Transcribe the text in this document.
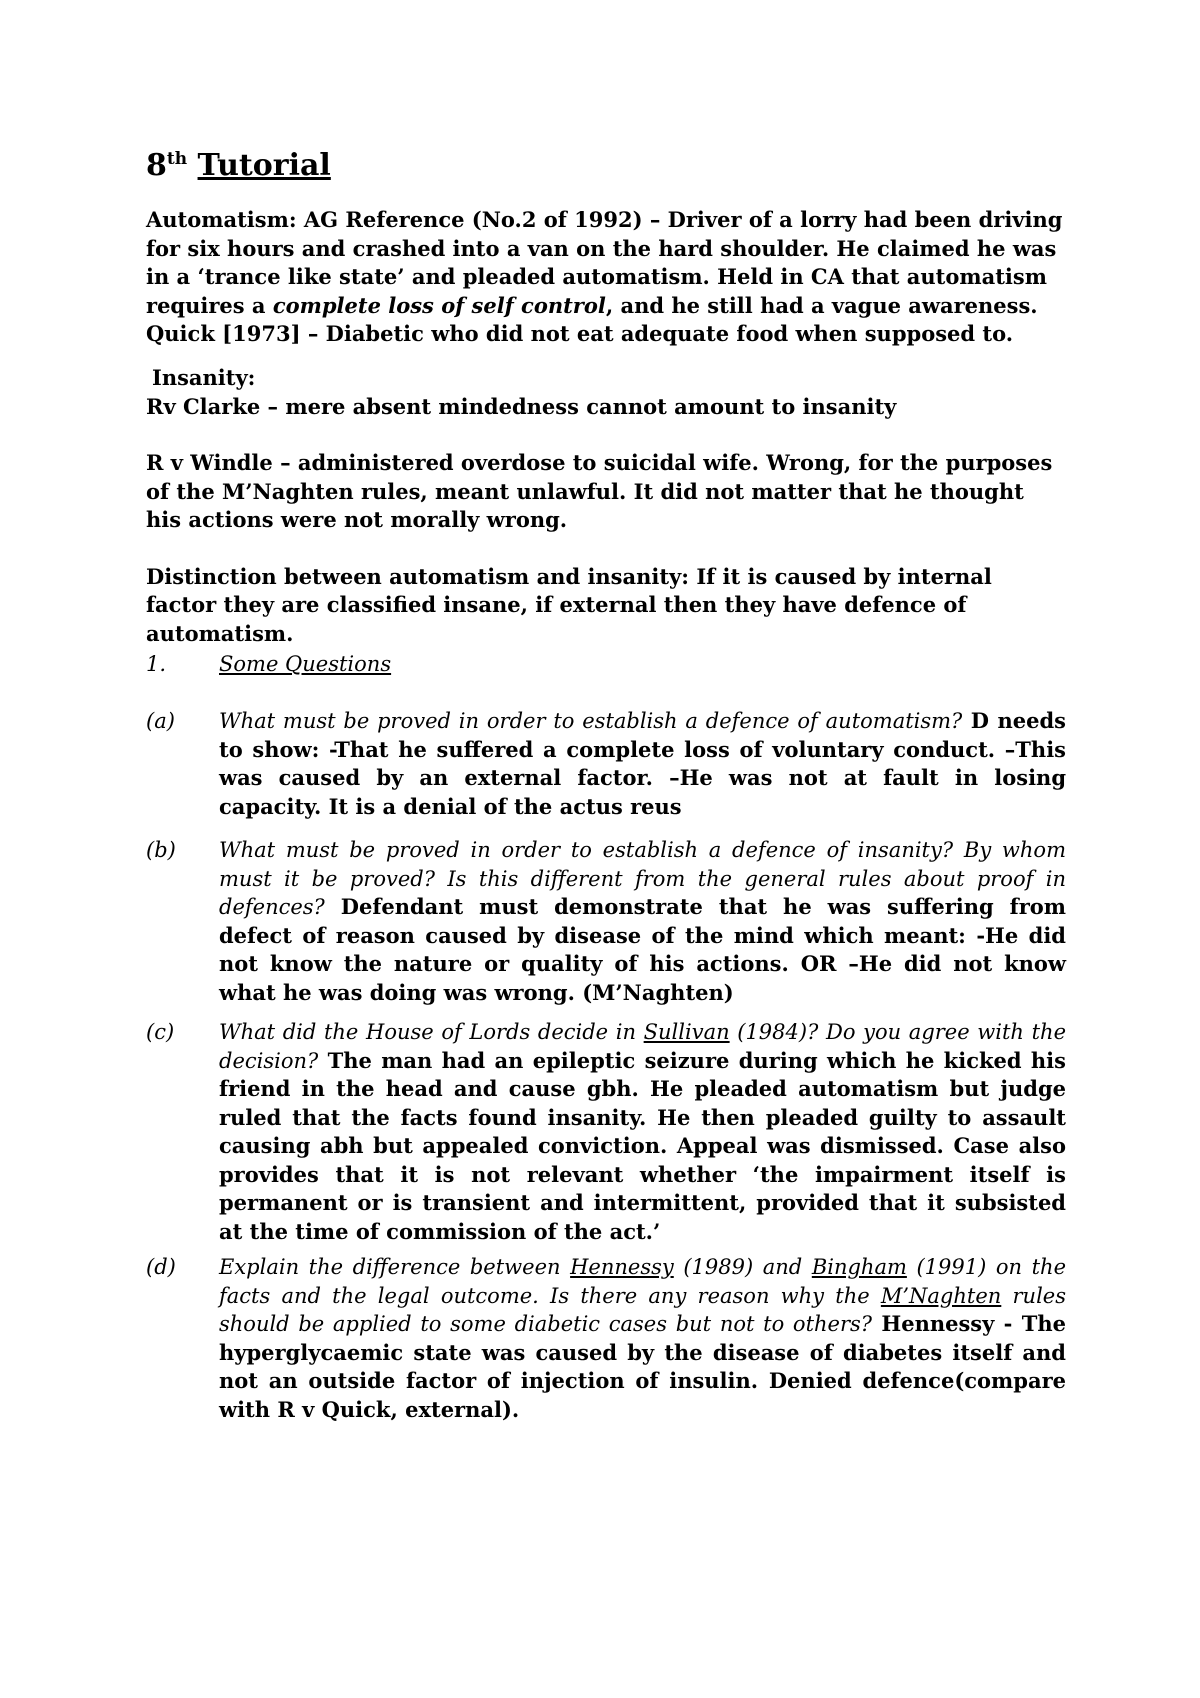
8th Tutorial

Automatism: AG Reference (No.2 of 1992) – Driver of a lorry had been driving for six hours and crashed into a van on the hard shoulder. He claimed he was in a ‘trance like state’ and pleaded automatism. Held in CA that automatism requires a complete loss of self control, and he still had a vague awareness.

Quick [1973] – Diabetic who did not eat adequate food when supposed to.

Insanity:

Rv Clarke – mere absent mindedness cannot amount to insanity

R v Windle – administered overdose to suicidal wife. Wrong, for the purposes of the M’Naghten rules, meant unlawful. It did not matter that he thought his actions were not morally wrong.

Distinction between automatism and insanity: If it is caused by internal factor they are classified insane, if external then they have defence of automatism.

1.	Some Questions
(a) What must be proved in order to establish a defence of automatism? D needs to show: -That he suffered a complete loss of voluntary conduct. –This was caused by an external factor. –He was not at fault in losing capacity. It is a denial of the actus reus
(b) What must be proved in order to establish a defence of insanity? By whom must it be proved? Is this different from the general rules about proof in defences? Defendant must demonstrate that he was suffering from defect of reason caused by disease of the mind which meant: -He did not know the nature or quality of his actions. OR –He did not know what he was doing was wrong. (M’Naghten)
(c) What did the House of Lords decide in Sullivan (1984)? Do you agree with the decision? The man had an epileptic seizure during which he kicked his friend in the head and cause gbh. He pleaded automatism but judge ruled that the facts found insanity. He then pleaded guilty to assault causing abh but appealed conviction. Appeal was dismissed. Case also provides that it is not relevant whether ‘the impairment itself is permanent or is transient and intermittent, provided that it subsisted at the time of commission of the act.’
(d) Explain the difference between Hennessy (1989) and Bingham (1991) on the facts and the legal outcome. Is there any reason why the M’Naghten rules should be applied to some diabetic cases but not to others? Hennessy - The hyperglycaemic state was caused by the disease of diabetes itself and not an outside factor of injection of insulin. Denied defence(compare with R v Quick, external).
